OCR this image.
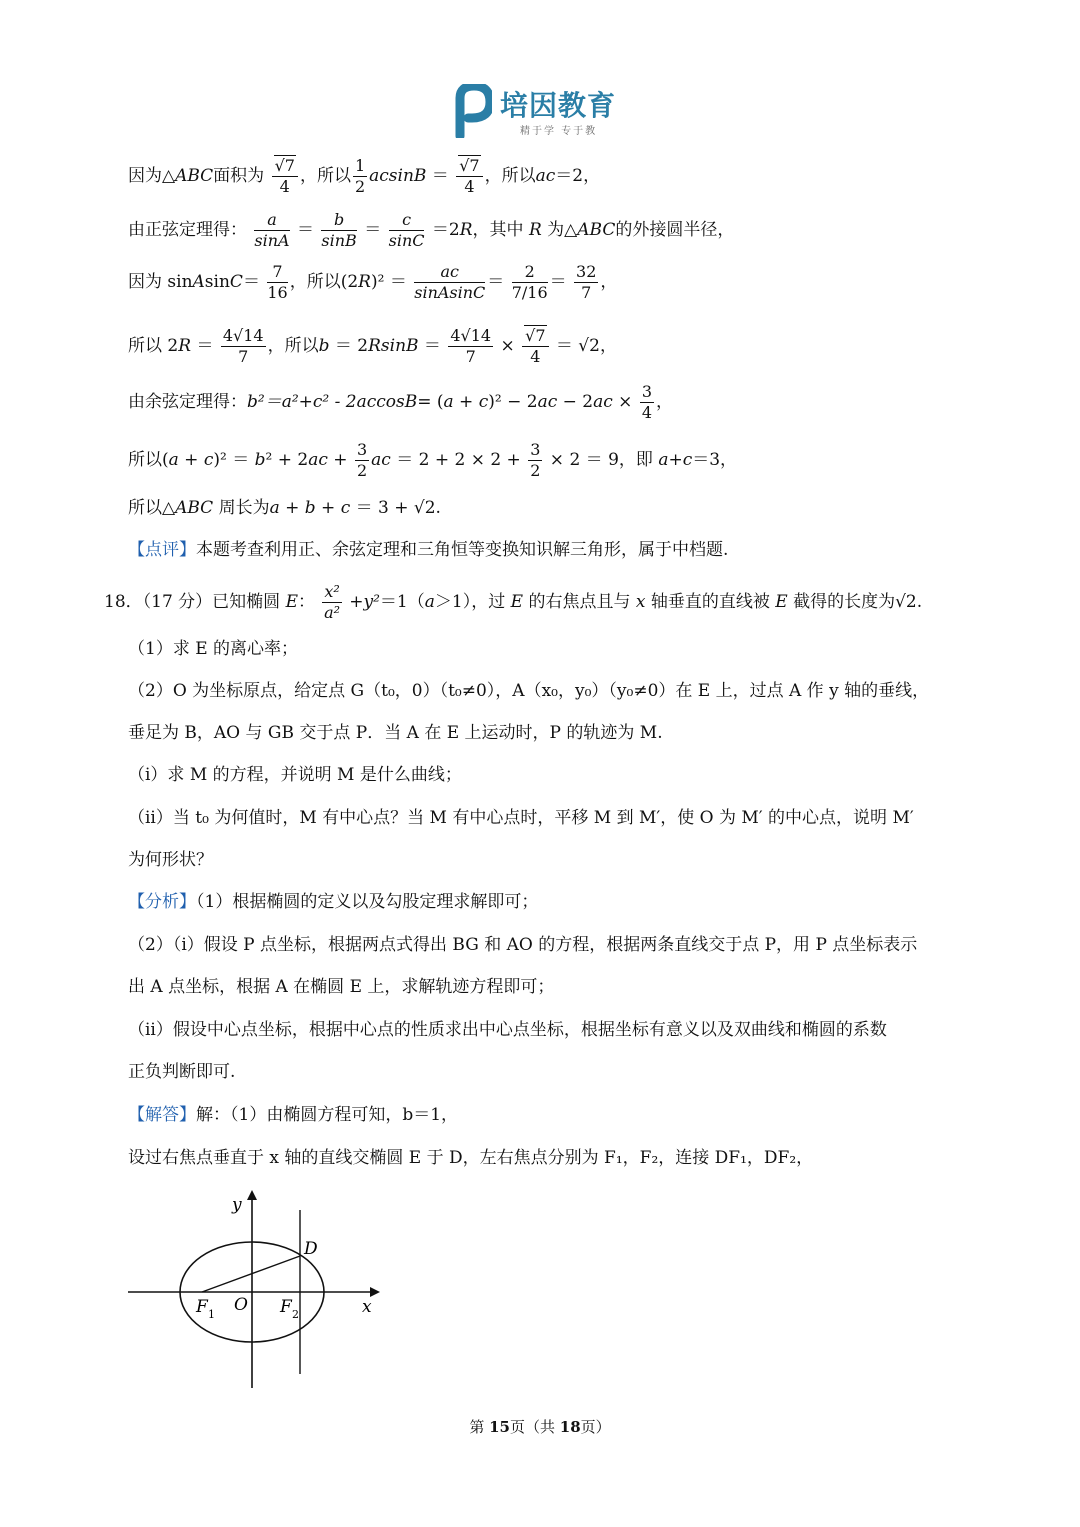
培因教育
精于学 专于教
因为△ABC面积为 $\frac{√7}{4}$ ，所以 $\frac{1}{2}$ $acsinB = \frac{√7}{4}$ ，所以ac＝2，
由正弦定理得： $\frac{a}{\sin A} = \frac{b}{\sin B} = \frac{c}{\sin C} =2R$，其中 R 为△ABC的外接圆半径，
因为 sinAsinC＝ $\frac{7}{16}$ ，所以$(2R)^2 = \frac{ac}{\text{sinAsinC}} = \frac{2}{7/16} = \frac{32}{7}$ ，
所以 $2R = \frac{4√14}{7}$ ，所以$b = 2RsinB = \frac{4√14}{7} \times \frac{√7}{4} = √2$，
由余弦定理得：$b^2=a^2+c^2 - 2accosB= (a + c)^2 - 2ac - 2ac \times \frac{3}{4}$ ，
所以$(a + c)^2 = b^2 + 2ac + \frac{3}{2}$ ac ＝ $2 + 2 \times 2 + \frac{3}{2} \times 2 = 9$，即 a+c＝3，
所以△ABC 周长为a + b + c ＝ 3 + √2.
【点评】本题考查利用正、余弦定理和三角恒等变换知识解三角形，属于中档题.
18．（17 分）已知椭圆 E： $\frac{\text{x²}}{\text{a²}} +y^2=1(a>1)$，过 E 的右焦点且与 x 轴垂直的直线被 E 截得的长度为√2.
（1）求 E 的离心率；
（2）O 为坐标原点，给定点 G（t₀，0）（t₀≠0），A（x₀，y₀）（y₀≠0）在 E 上，过点 A 作 y 轴的垂线，
垂足为 B，AO 与 GB 交于点 P．当 A 在 E 上运动时，P 的轨迹为 M.
（i）求 M 的方程，并说明 M 是什么曲线；
（ii）当 t₀ 为何值时，M 有中心点？当 M 有中心点时，平移 M 到 M′，使 O 为 M′ 的中心点，说明 M′
为何形状？
【分析】（1）根据椭圆的定义以及勾股定理求解即可；
（2）（i）假设 P 点坐标，根据两点式得出 BG 和 AO 的方程，根据两条直线交于点 P，用 P 点坐标表示
出 A 点坐标，根据 A 在椭圆 E 上，求解轨迹方程即可；
（ii）假设中心点坐标，根据中心点的性质求出中心点坐标，根据坐标有意义以及双曲线和椭圆的系数
正负判断即可.
【解答】解：（1）由椭圆方程可知，b＝1，
设过右焦点垂直于 x 轴的直线交椭圆 E 于 D，左右焦点分别为 F₁，F₂，连接 DF₁，DF₂，
y
x
D
O
F 1	F 2
第 15页（共 18页）
